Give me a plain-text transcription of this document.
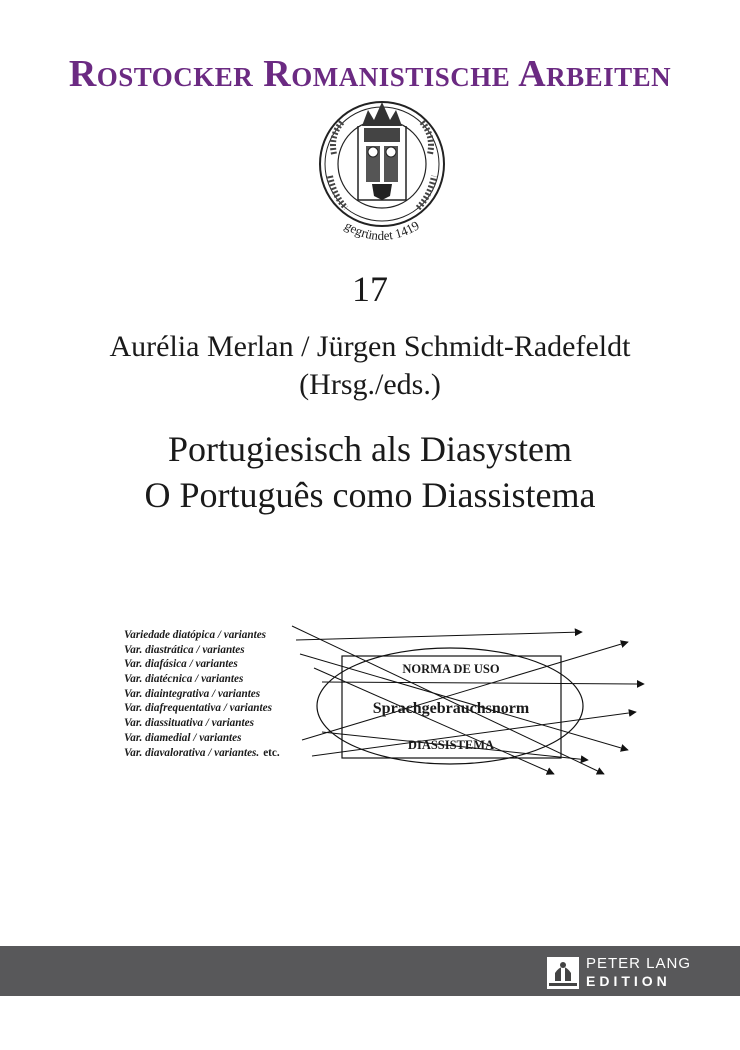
Rostocker Romanistische Arbeiten
gegründet 1419
17
Aurélia Merlan / Jürgen Schmidt-Radefeldt
(Hrsg./eds.)
Portugiesisch als Diasystem
O Português como Diassistema
Variedade diatópica / variantes
Var. diastrática / variantes
Var. diafásica / variantes
Var. diatécnica / variantes
Var. diaintegrativa / variantes
Var. diafrequentativa / variantes
Var. diassituativa / variantes
Var. diamedial / variantes
Var. diavalorativa / variantes. etc.
NORMA DE USO
Sprachgebrauchsnorm
DIASSISTEMA
PETER LANG
EDITION
